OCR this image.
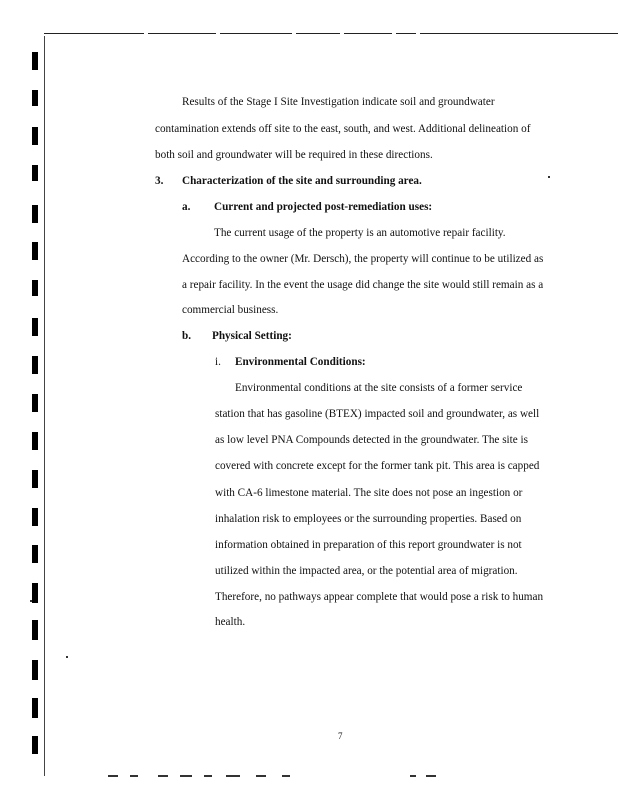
Results of the Stage I Site Investigation indicate soil and groundwater
contamination extends off site to the east, south, and west. Additional delineation of
both soil and groundwater will be required in these directions.
3. Characterization of the site and surrounding area.
a. Current and projected post-remediation uses:
The current usage of the property is an automotive repair facility.
According to the owner (Mr. Dersch), the property will continue to be utilized as
a repair facility. In the event the usage did change the site would still remain as a
commercial business.
b. Physical Setting:
i. Environmental Conditions:
Environmental conditions at the site consists of a former service
station that has gasoline (BTEX) impacted soil and groundwater, as well
as low level PNA Compounds detected in the groundwater. The site is
covered with concrete except for the former tank pit. This area is capped
with CA-6 limestone material. The site does not pose an ingestion or
inhalation risk to employees or the surrounding properties. Based on
information obtained in preparation of this report groundwater is not
utilized within the impacted area, or the potential area of migration.
Therefore, no pathways appear complete that would pose a risk to human
health.
7
